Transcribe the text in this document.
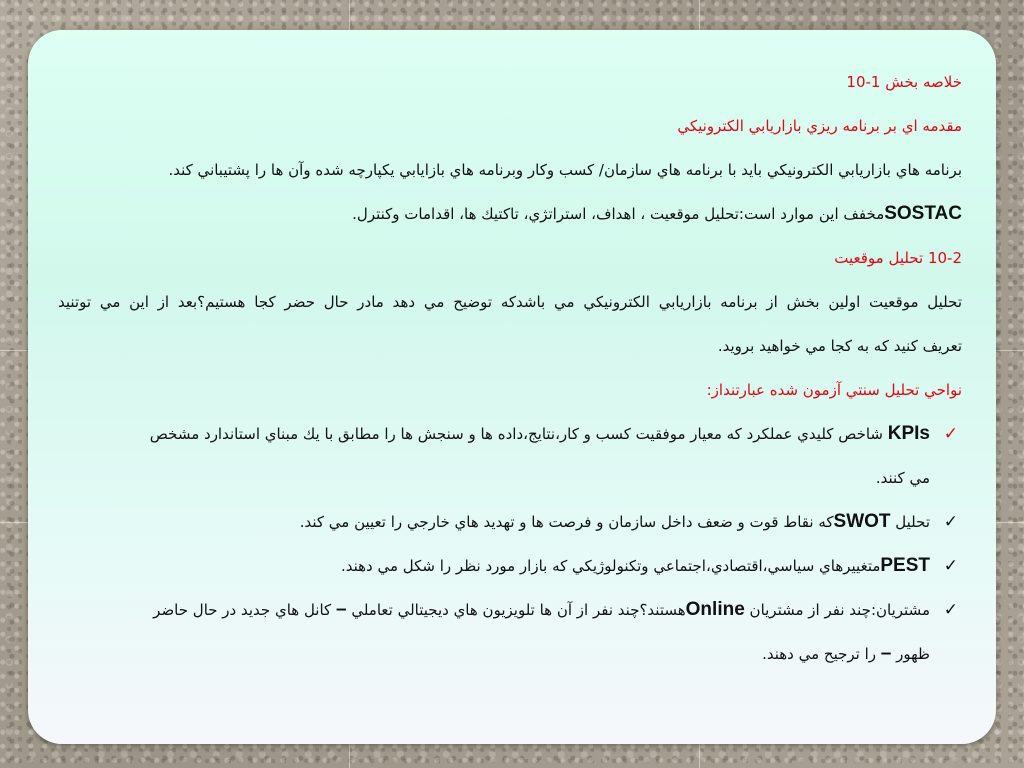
خلاصه بخش 1-10
مقدمه اي بر برنامه ريزي بازاريابي الكترونيكي
برنامه هاي بازاريابي الكترونيكي بايد با برنامه هاي سازمان/ كسب وكار وبرنامه هاي بازايابي يكپارچه شده وآن ها را پشتيباني كند.
SOSTACمخفف اين موارد است:تحليل موقعيت ، اهداف، استراتژي، تاكتيك ها، اقدامات وكنترل.
10-2 تحليل موقعيت
تحليل موقعيت اولين بخش از برنامه بازاريابي الكترونيكي مي باشدكه توضيح مي دهد مادر حال حضر كجا هستيم؟بعد از اين مي توتنيد
تعريف كنيد كه به كجا مي خواهيد برويد.
نواحي تحليل سنتي آزمون شده عبارتنداز:
✓
KPIs شاخص كليدي عملكرد كه معيار موفقيت كسب و كار،نتايج،داده ها و سنجش ها را مطابق با يك مبناي استاندارد مشخص
مي كنند.
✓
تحليل SWOTكه نقاط قوت و ضعف داخل سازمان و فرصت ها و تهديد هاي خارجي را تعيين مي كند.
✓
PESTمتغييرهاي سياسي،اقتصادي،اجتماعي وتكنولوژيكي كه بازار مورد نظر را شكل مي دهند.
✓
مشتريان:چند نفر از مشتريان Onlineهستند؟چند نفر از آن ها تلويزيون هاي ديجيتالي تعاملي – كانل هاي جديد در حال حاضر
ظهور – را ترجيح مي دهند.
